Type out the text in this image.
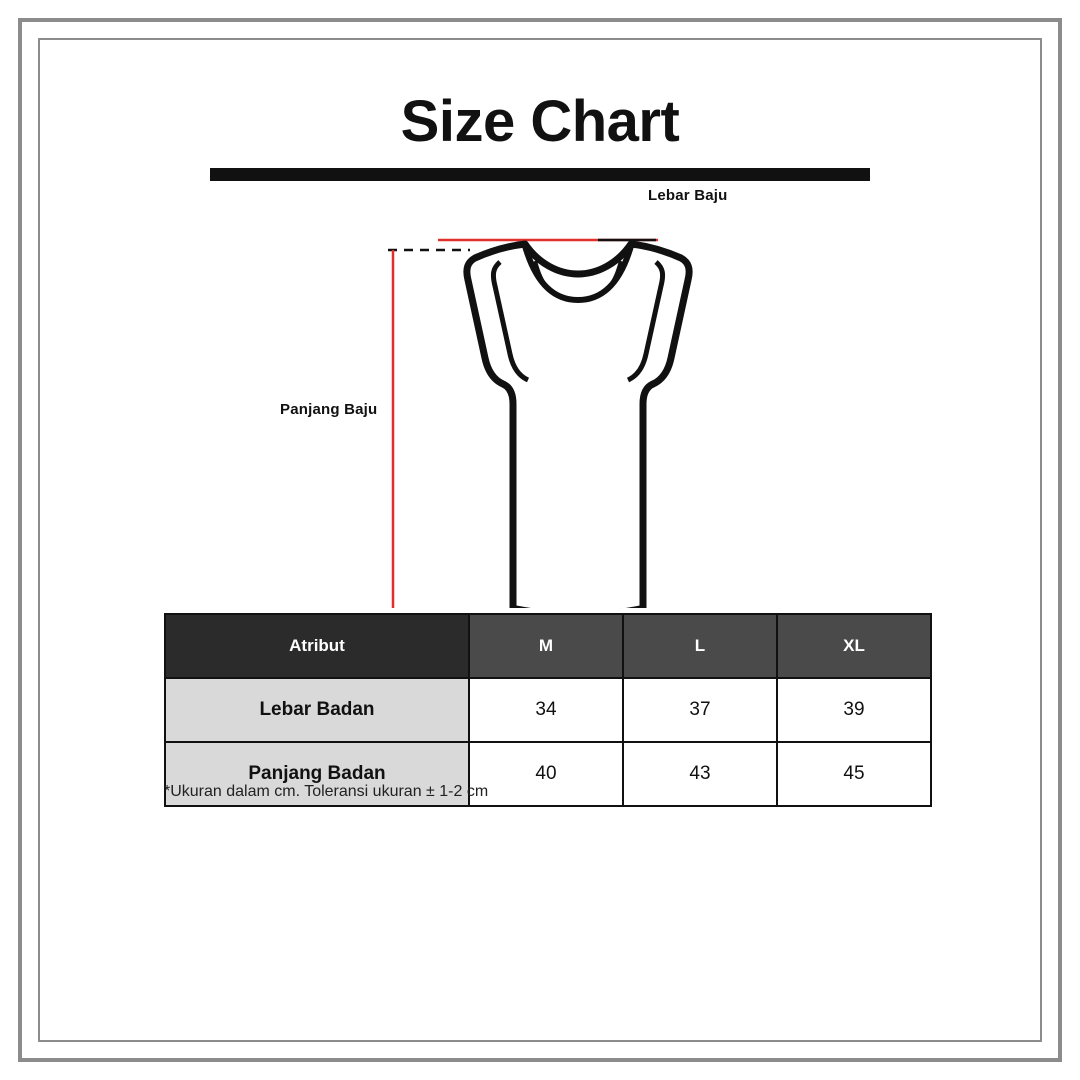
Size Chart
Lebar Baju
Panjang Baju
Atribut	M	L	XL
Lebar Badan	34	37	39
Panjang Badan	40	43	45
*Ukuran dalam cm. Toleransi ukuran ± 1-2 cm
